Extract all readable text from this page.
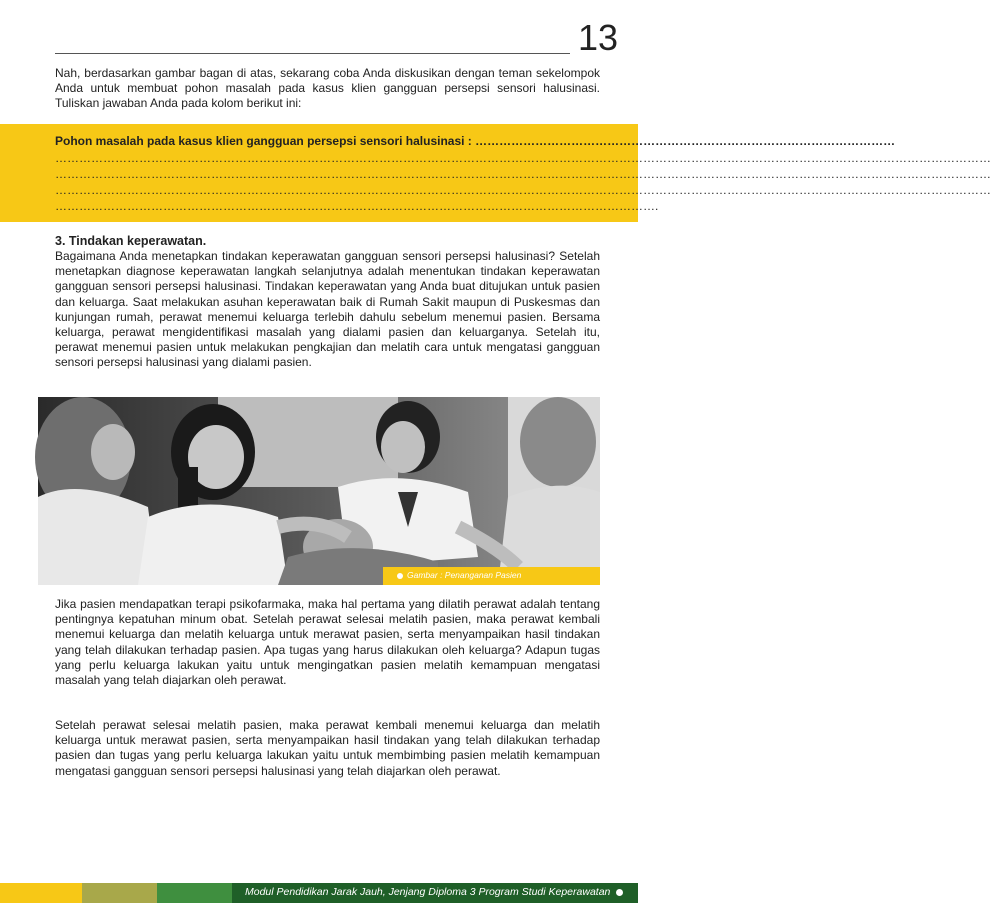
13

Nah, berdasarkan gambar bagan di atas, sekarang coba Anda diskusikan dengan teman sekelompok Anda untuk membuat pohon masalah pada kasus klien gangguan persepsi sensori halusinasi. Tuliskan jawaban Anda pada kolom berikut ini:

Pohon masalah pada kasus klien gangguan persepsi sensori halusinasi : ……………………………………………………………………………………………
………………………………………………………………………………………………………………………………………………………………………………………………………………
………………………………………………………………………………………………………………………………………………………………………………………………………………
………………………………………………………………………………………………………………………………………………………………………………………………………………
…………………………………………………………………………………………………………………………………….
3. Tindakan keperawatan.

Bagaimana Anda menetapkan tindakan keperawatan gangguan sensori persepsi halusinasi? Setelah menetapkan diagnose keperawatan langkah selanjutnya adalah menentukan tindakan keperawatan gangguan sensori persepsi halusinasi. Tindakan keperawatan yang Anda buat ditujukan untuk pasien dan keluarga. Saat melakukan asuhan keperawatan baik di Rumah Sakit maupun di Puskesmas dan kunjungan rumah, perawat menemui keluarga terlebih dahulu sebelum menemui pasien. Bersama keluarga, perawat mengidentifikasi masalah yang dialami pasien dan keluarganya. Setelah itu, perawat menemui pasien untuk melakukan pengkajian dan melatih cara untuk mengatasi gangguan sensori persepsi halusinasi yang dialami pasien.

Gambar : Penanganan Pasien

Jika pasien mendapatkan terapi psikofarmaka, maka hal pertama yang dilatih perawat adalah tentang pentingnya kepatuhan minum obat. Setelah perawat selesai melatih pasien, maka perawat kembali menemui keluarga dan melatih keluarga untuk merawat pasien, serta menyampaikan hasil tindakan yang telah dilakukan terhadap pasien. Apa tugas yang harus dilakukan oleh keluarga? Adapun tugas yang perlu keluarga lakukan yaitu untuk mengingatkan pasien melatih kemampuan mengatasi masalah yang telah diajarkan oleh perawat.

Setelah perawat selesai melatih pasien, maka perawat kembali menemui keluarga dan melatih keluarga untuk merawat pasien, serta menyampaikan hasil tindakan yang telah dilakukan terhadap pasien dan tugas yang perlu keluarga lakukan yaitu untuk membimbing pasien melatih kemampuan mengatasi gangguan sensori persepsi halusinasi yang telah diajarkan oleh perawat.

Modul Pendidikan Jarak Jauh, Jenjang Diploma 3 Program Studi Keperawatan
